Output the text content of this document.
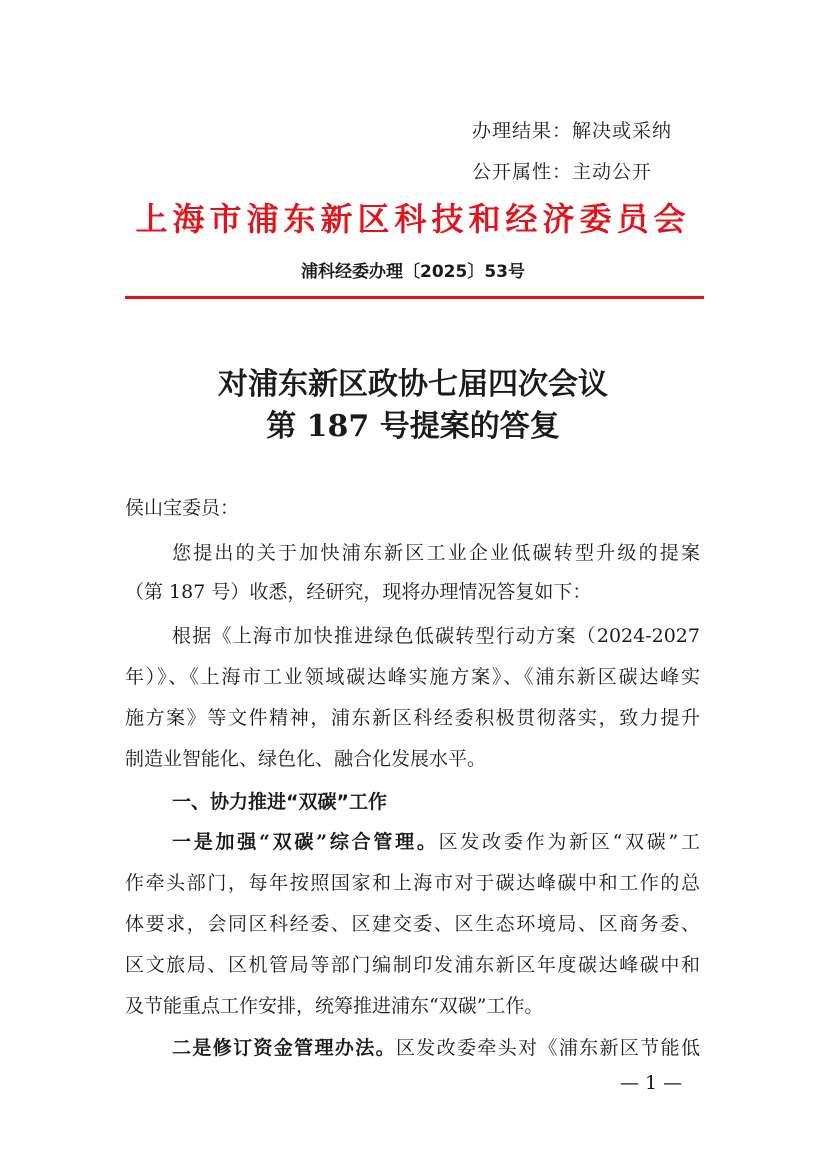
办理结果：解决或采纳
公开属性：主动公开
上海市浦东新区科技和经济委员会
浦科经委办理〔2025〕53号
对浦东新区政协七届四次会议
第 187 号提案的答复
侯山宝委员：
您提出的关于加快浦东新区工业企业低碳转型升级的提案
（第 187 号）收悉，经研究，现将办理情况答复如下：
根据《上海市加快推进绿色低碳转型行动方案（2024-2027
年）》、《上海市工业领域碳达峰实施方案》、《浦东新区碳达峰实
施方案》等文件精神，浦东新区科经委积极贯彻落实，致力提升
制造业智能化、绿色化、融合化发展水平。
一、协力推进“双碳”工作
一是加强“双碳”综合管理。区发改委作为新区“双碳”工
作牵头部门，每年按照国家和上海市对于碳达峰碳中和工作的总
体要求，会同区科经委、区建交委、区生态环境局、区商务委、
区文旅局、区机管局等部门编制印发浦东新区年度碳达峰碳中和
及节能重点工作安排，统筹推进浦东“双碳”工作。
二是修订资金管理办法。区发改委牵头对《浦东新区节能低
— 1 —
